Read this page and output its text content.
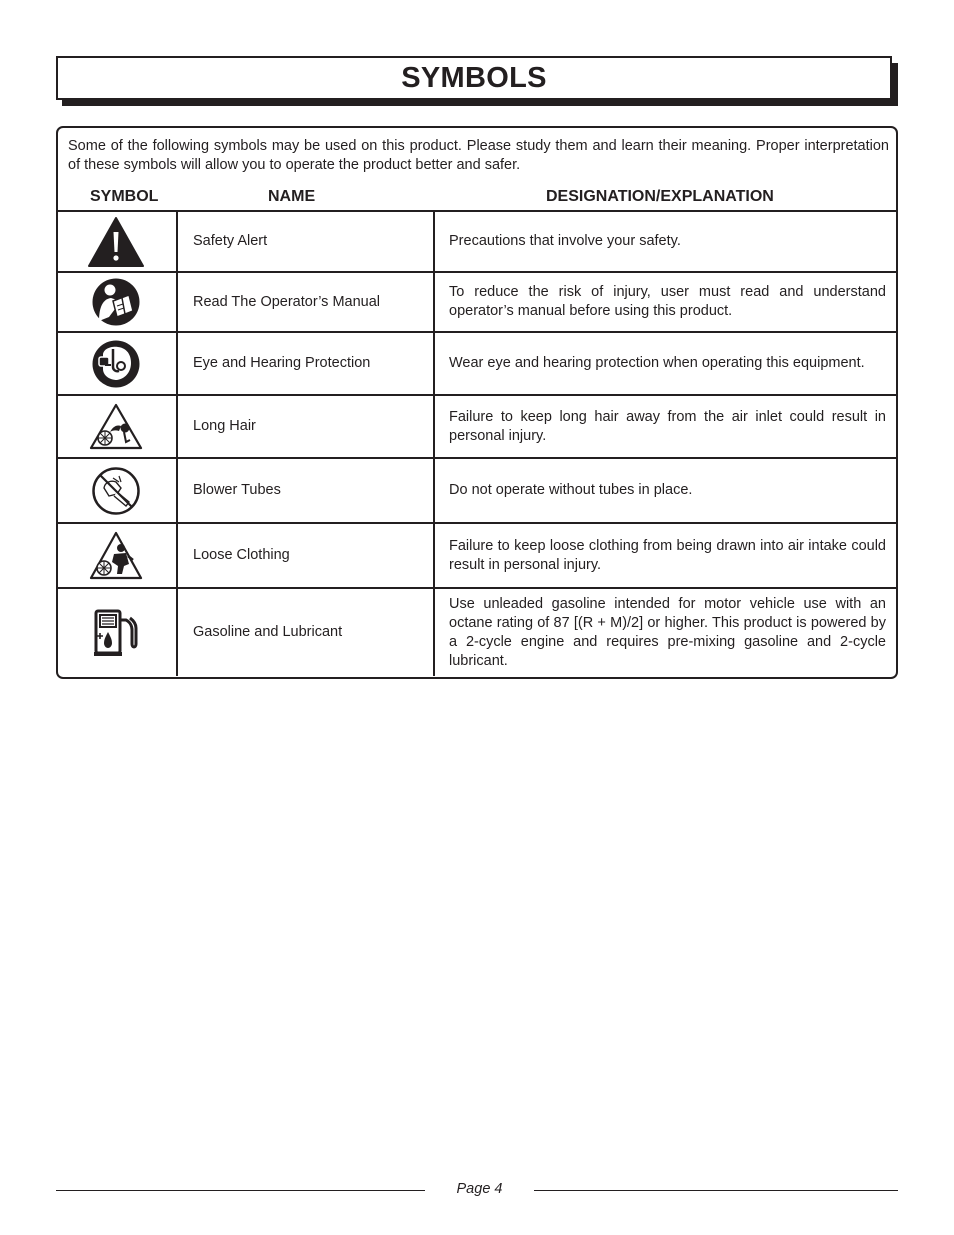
SYMBOLS
Some of the following symbols may be used on this product. Please study them and learn their meaning. Proper interpretation of these symbols will allow you to operate the product better and safer.
SYMBOL	NAME	DESIGNATION/EXPLANATION
	Safety Alert	Precautions that involve your safety.

	Read The Operator’s Manual	To reduce the risk of injury, user must read and understand operator’s manual before using this product.

	Eye and Hearing Protection	Wear eye and hearing protection when operating this equipment.

	Long Hair	Failure to keep long hair away from the air inlet could result in personal injury.

	Blower Tubes	Do not operate without tubes in place.

	Loose Clothing	Failure to keep loose clothing from being drawn into air intake could result in personal injury.

	Gasoline and Lubricant	Use unleaded gasoline intended for motor vehicle use with an octane rating of 87 [(R + M)/2] or higher. This product is powered by a 2-cycle engine and requires pre-mixing gasoline and 2-cycle lubricant.
Page 4
